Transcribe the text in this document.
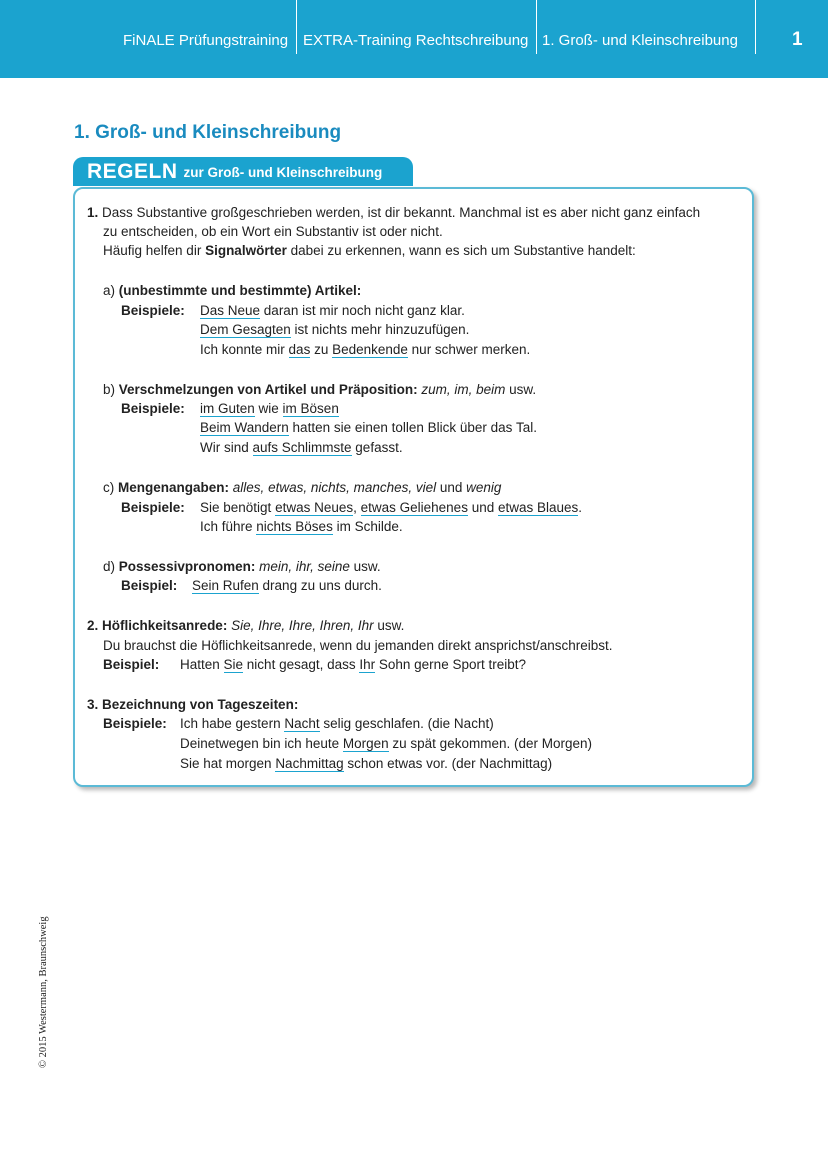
FiNALE Prüfungstraining EXTRA-Training Rechtschreibung 1. Groß- und Kleinschreibung	1
1. Groß- und Kleinschreibung
REGELN zur Groß- und Kleinschreibung
1. Dass Substantive großgeschrieben werden, ist dir bekannt. Manchmal ist es aber nicht ganz einfach
zu entscheiden, ob ein Wort ein Substantiv ist oder nicht.
Häufig helfen dir Signalwörter dabei zu erkennen, wann es sich um Substantive handelt:
a) (unbestimmte und bestimmte) Artikel:
Beispiele: Das Neue daran ist mir noch nicht ganz klar.
Dem Gesagten ist nichts mehr hinzuzufügen.
Ich konnte mir das zu Bedenkende nur schwer merken.
b) Verschmelzungen von Artikel und Präposition: zum, im, beim usw.
Beispiele: im Guten wie im Bösen
Beim Wandern hatten sie einen tollen Blick über das Tal.
Wir sind aufs Schlimmste gefasst.
c) Mengenangaben: alles, etwas, nichts, manches, viel und wenig
Beispiele: Sie benötigt etwas Neues, etwas Geliehenes und etwas Blaues.
Ich führe nichts Böses im Schilde.
d) Possessivpronomen: mein, ihr, seine usw.
Beispiel: Sein Rufen drang zu uns durch.
2. Höflichkeitsanrede: Sie, Ihre, Ihre, Ihren, Ihr usw.
Du brauchst die Höflichkeitsanrede, wenn du jemanden direkt ansprichst/anschreibst.
Beispiel: Hatten Sie nicht gesagt, dass Ihr Sohn gerne Sport treibt?
3. Bezeichnung von Tageszeiten:
Beispiele: Ich habe gestern Nacht selig geschlafen. (die Nacht)
Deinetwegen bin ich heute Morgen zu spät gekommen. (der Morgen)
Sie hat morgen Nachmittag schon etwas vor. (der Nachmittag)
© 2015 Westermann, Braunschweig
